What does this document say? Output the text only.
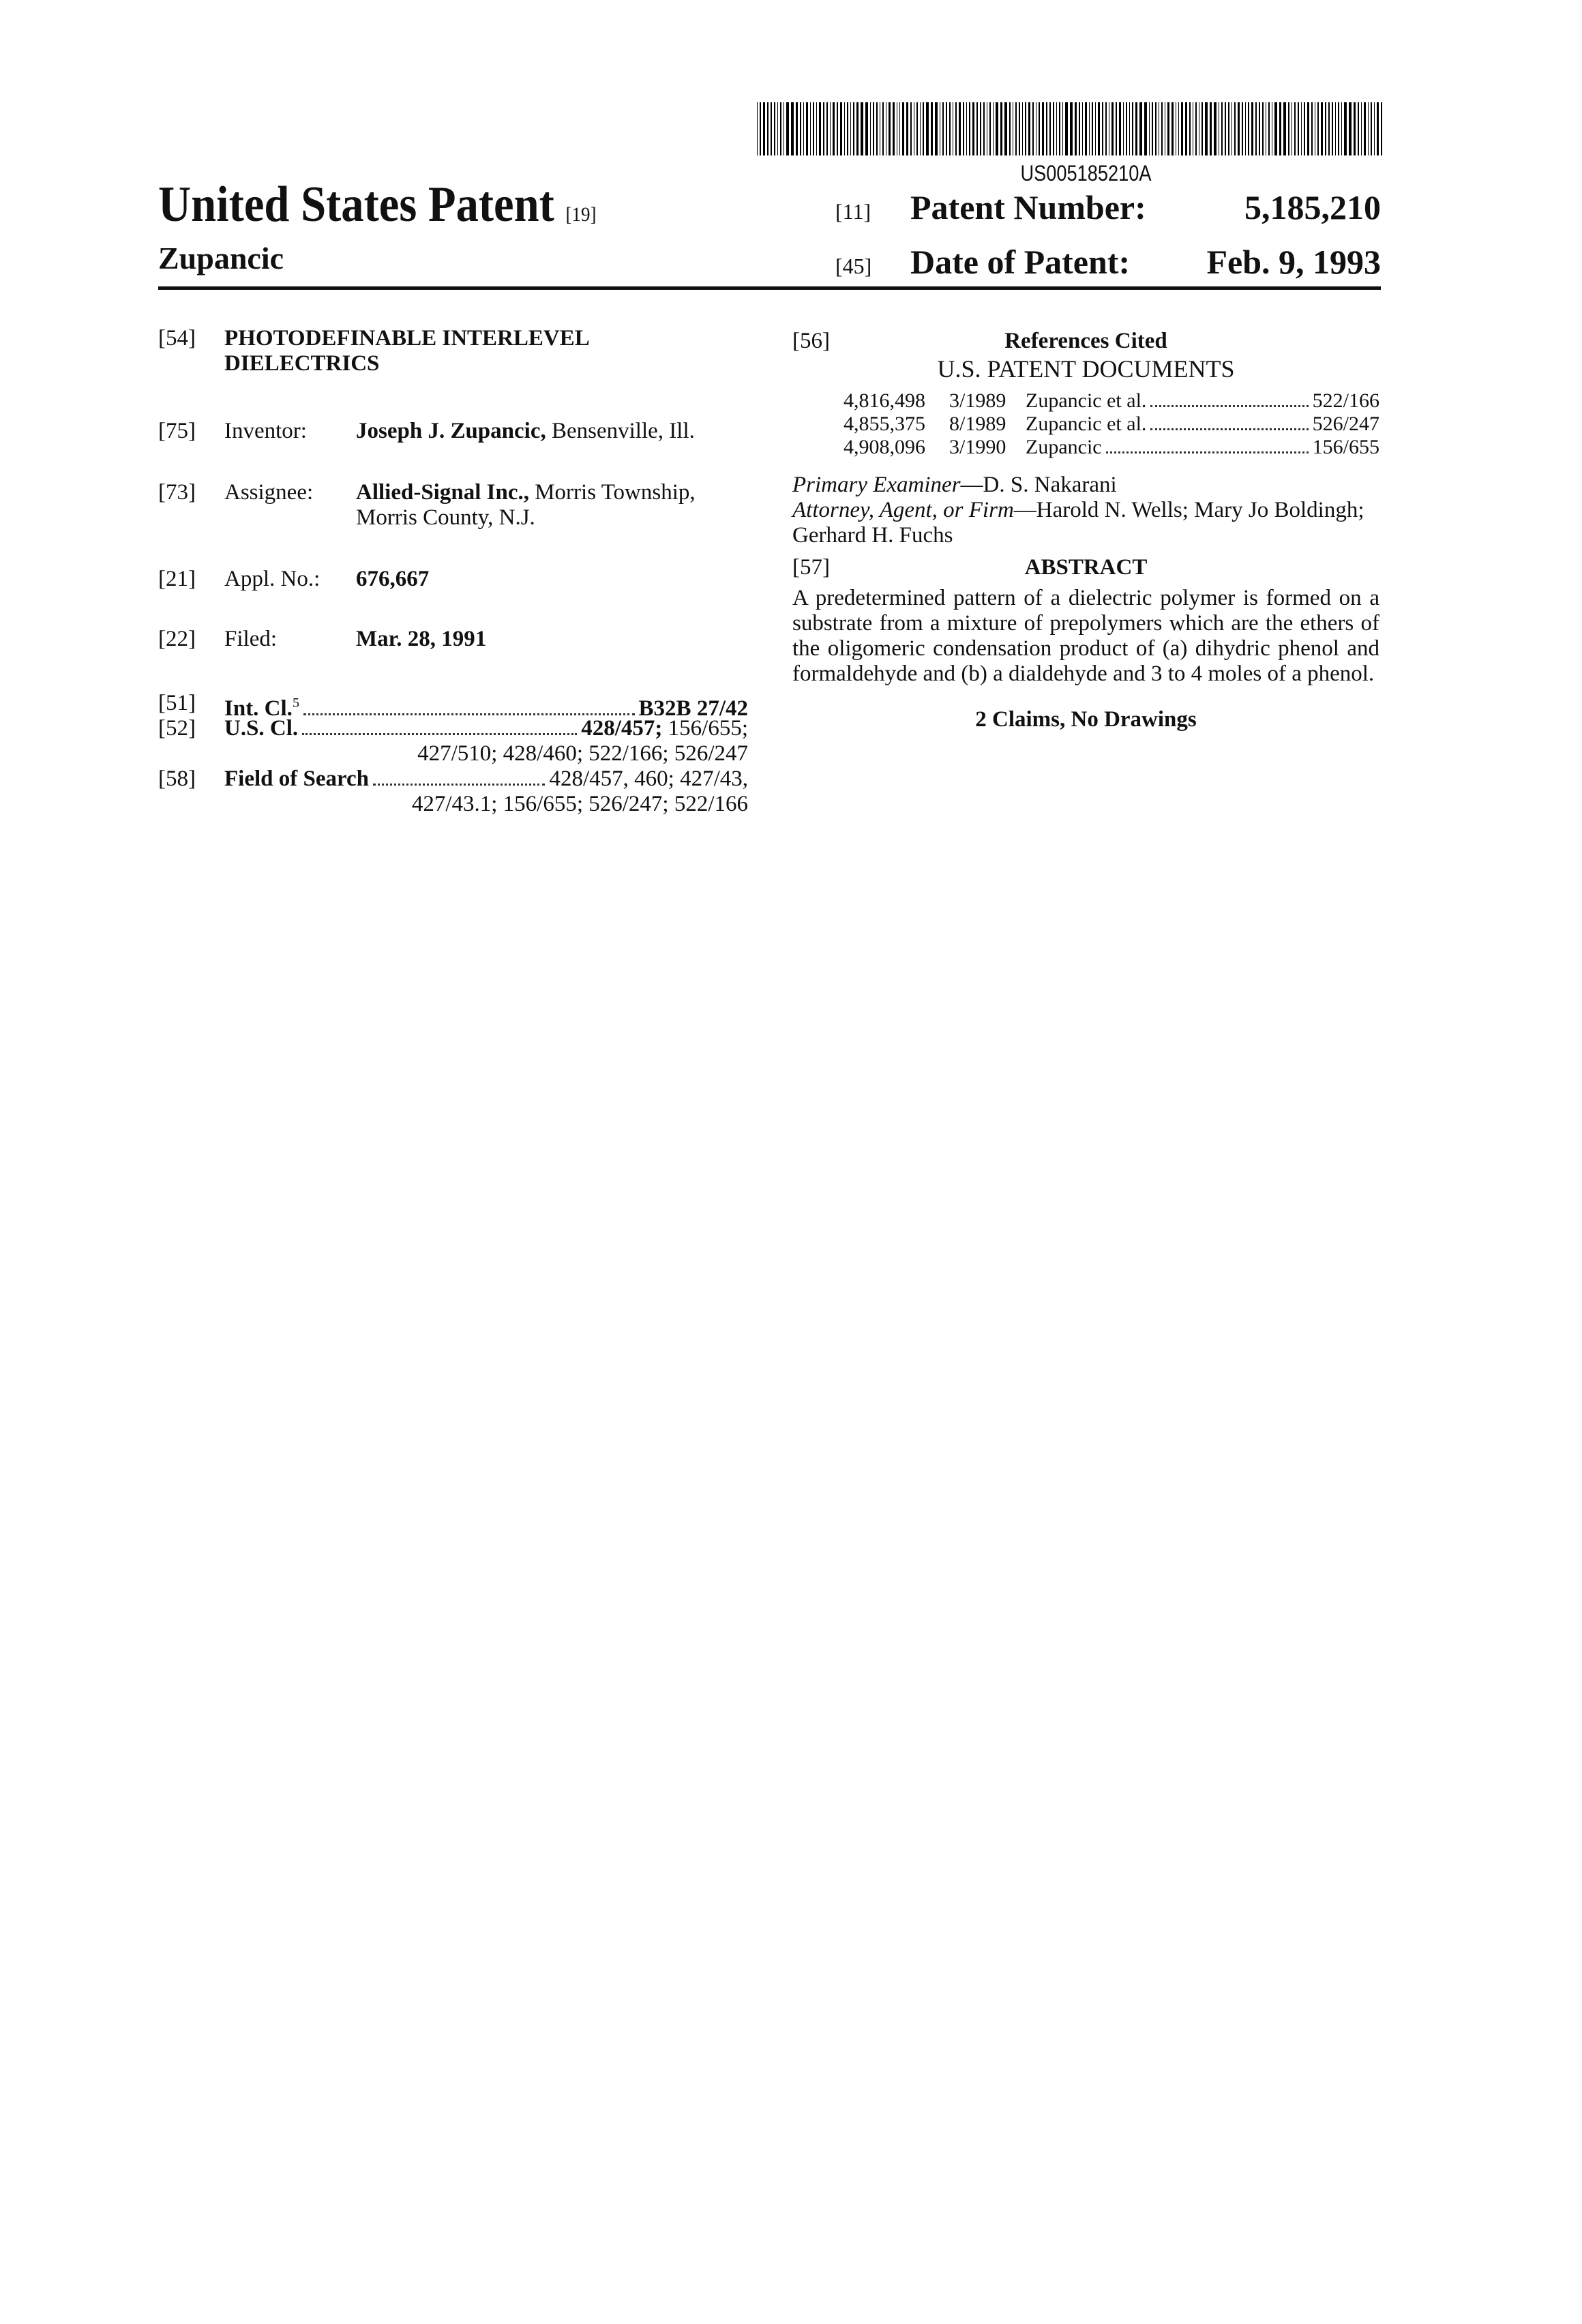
US005185210A
United States Patent [19]
Zupancic
[11]	Patent Number:	5,185,210
[45]	Date of Patent:	Feb. 9, 1993
[54]	PHOTODEFINABLE INTERLEVEL DIELECTRICS
[75]	Inventor:	Joseph J. Zupancic, Bensenville, Ill.
[73]	Assignee:	Allied-Signal Inc., Morris Township, Morris County, N.J.
[21]	Appl. No.:	676,667
[22]	Filed:	Mar. 28, 1991
[51]	Int. Cl.5	B32B 27/42
[52]	U.S. Cl.	428/457; 156/655;
427/510; 428/460; 522/166; 526/247
[58]	Field of Search	428/457, 460; 427/43,
427/43.1; 156/655; 526/247; 522/166
[56]	References Cited
U.S. PATENT DOCUMENTS
4,816,498	3/1989 Zupancic et al.	522/166
4,855,375	8/1989 Zupancic et al.	526/247
4,908,096	3/1990 Zupancic	156/655
Primary Examiner—D. S. Nakarani
Attorney, Agent, or Firm—Harold N. Wells; Mary Jo Boldingh; Gerhard H. Fuchs
[57]	ABSTRACT
A predetermined pattern of a dielectric polymer is formed on a substrate from a mixture of prepolymers which are the ethers of the oligomeric condensation product of (a) dihydric phenol and formaldehyde and (b) a dialdehyde and 3 to 4 moles of a phenol.
2 Claims, No Drawings
